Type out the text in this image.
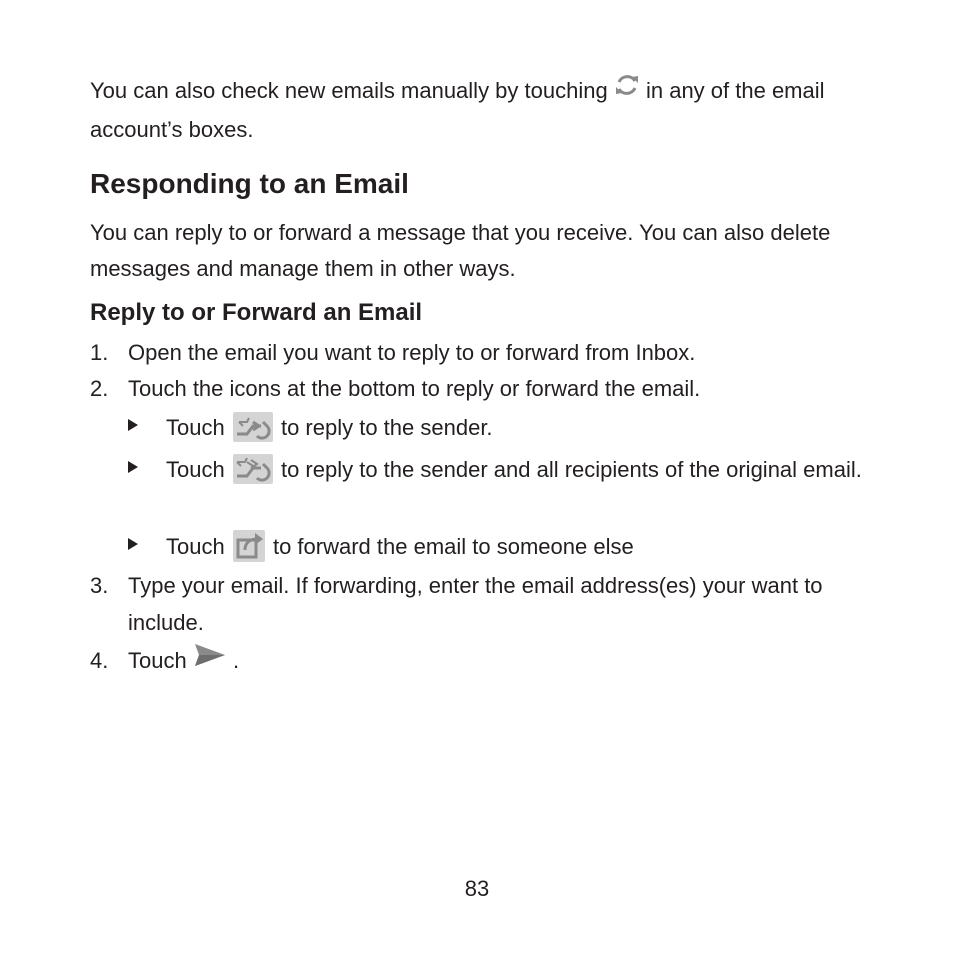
You can also check new emails manually by touching in any of the email account’s boxes.

Responding to an Email

You can reply to or forward a message that you receive. You can also delete messages and manage them in other ways.

Reply to or Forward an Email
1. Open the email you want to reply to or forward from Inbox.
2. Touch the icons at the bottom to reply or forward the email.
Touch	to reply to the sender.
Touch	to reply to the sender and all recipients of the original email.
Touch to forward the email to someone else
3. Type your email. If forwarding, enter the email address(es) your want to include.
4. Touch .
83
